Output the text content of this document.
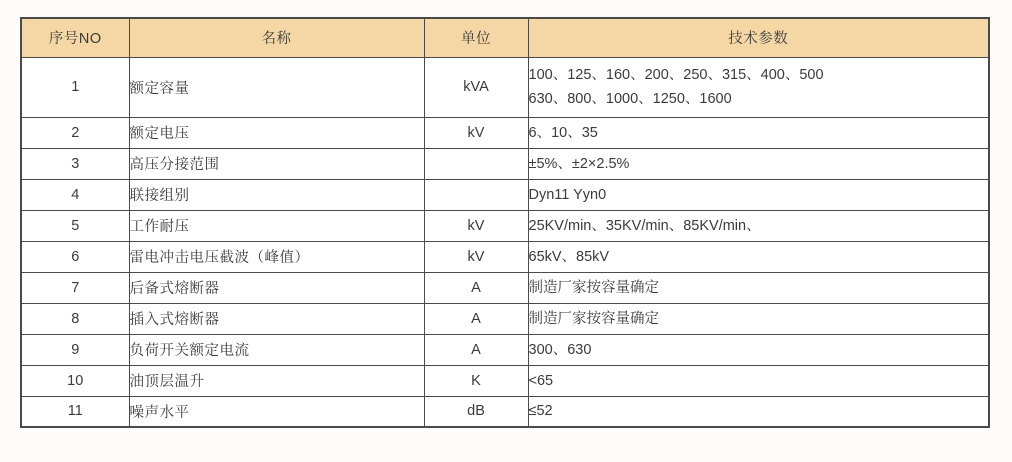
序号NO	名称	单位	技术参数
1	额定容量	kVA	100、125、160、200、250、315、400、500
630、800、1000、1250、1600

2	额定电压	kV	6、10、35

3	高压分接范围		±5%、±2×2.5%

4	联接组别		Dyn11 Yyn0

5	工作耐压	kV	25KV/min、35KV/min、85KV/min、

6	雷电冲击电压截波（峰值）	kV	65kV、85kV

7	后备式熔断器	A	制造厂家按容量确定

8	插入式熔断器	A	制造厂家按容量确定

9	负荷开关额定电流	A	300、630

10	油顶层温升	K	<65

11	噪声水平	dB	≤52
